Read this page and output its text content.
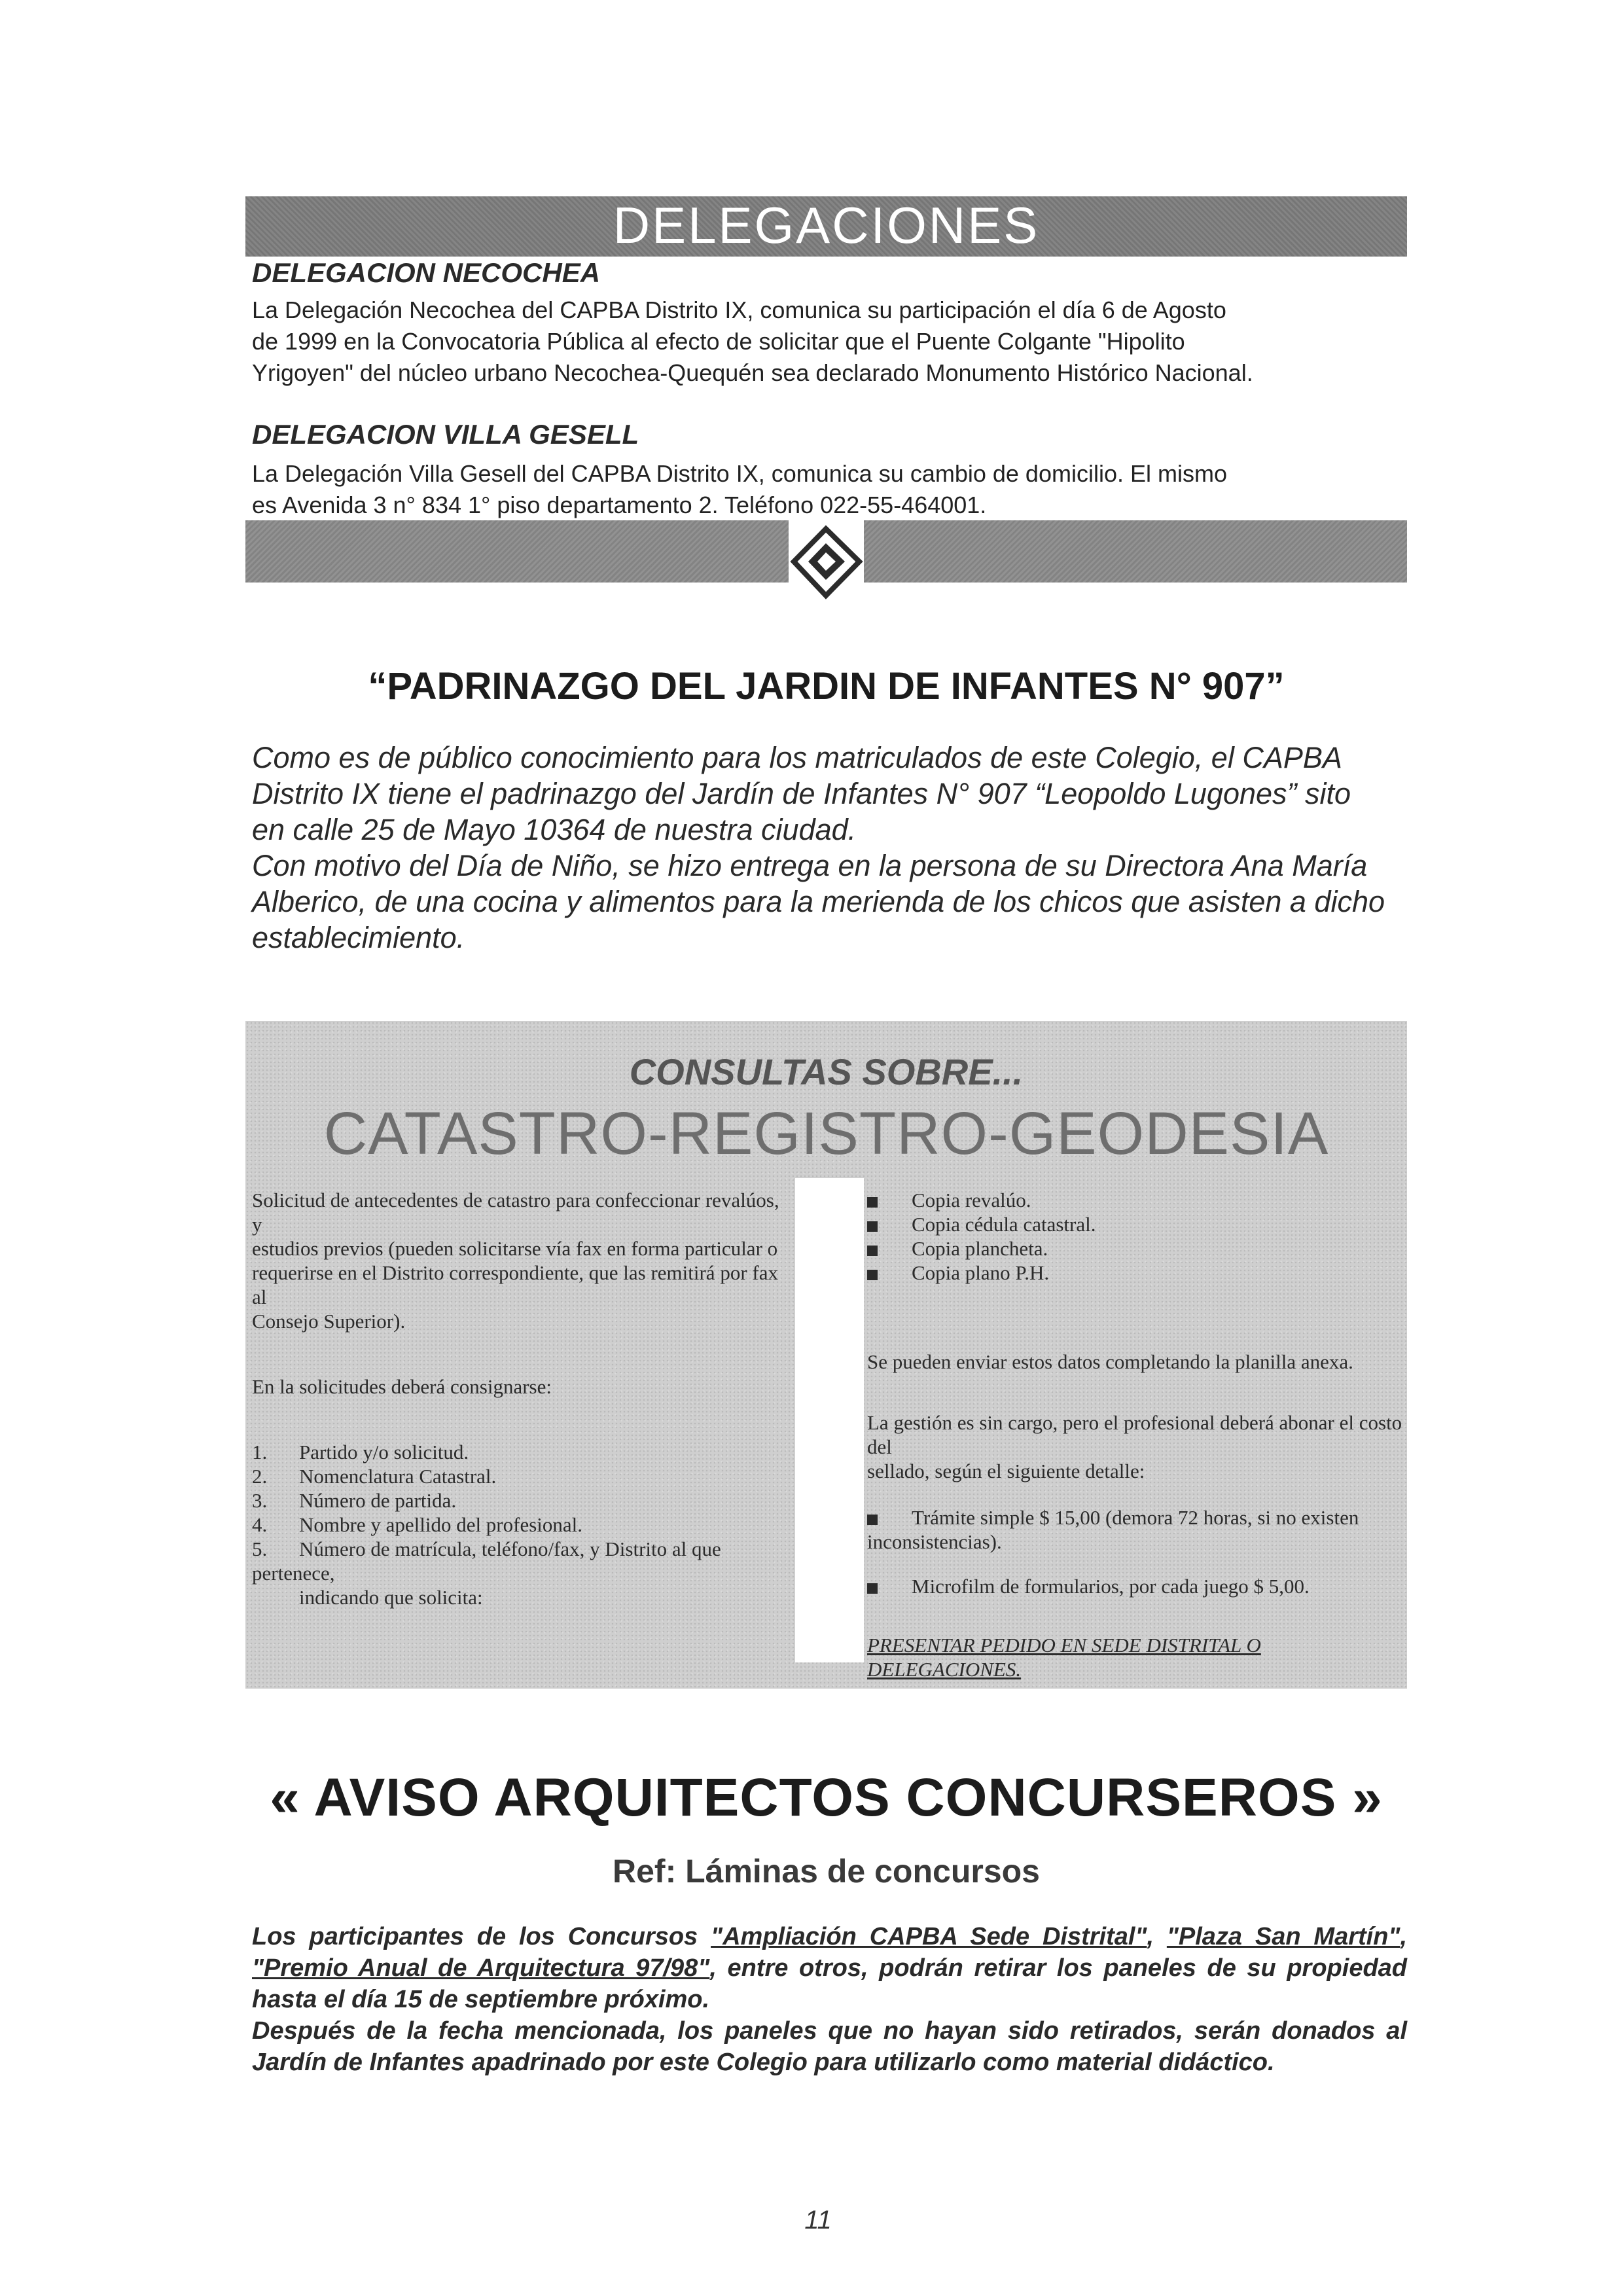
DELEGACIONES
DELEGACION NECOCHEA
La Delegación Necochea del CAPBA Distrito IX, comunica su participación el día 6 de Agosto
de 1999 en la Convocatoria Pública al efecto de solicitar que el Puente Colgante "Hipolito
Yrigoyen" del núcleo urbano Necochea-Quequén sea declarado Monumento Histórico Nacional.
DELEGACION VILLA GESELL
La Delegación Villa Gesell del CAPBA Distrito IX, comunica su cambio de domicilio. El mismo
es Avenida 3 n° 834 1° piso departamento 2. Teléfono 022-55-464001.
“PADRINAZGO DEL JARDIN DE INFANTES N° 907”
Como es de público conocimiento para los matriculados de este Colegio, el CAPBA
Distrito IX tiene el padrinazgo del Jardín de Infantes N° 907 “Leopoldo Lugones” sito
en calle 25 de Mayo 10364 de nuestra ciudad.
Con motivo del Día de Niño, se hizo entrega en la persona de su Directora Ana María
Alberico, de una cocina y alimentos para la merienda de los chicos que asisten a dicho
establecimiento.
CONSULTAS SOBRE...
CATASTRO-REGISTRO-GEODESIA
Solicitud de antecedentes de catastro para confeccionar revalúos, y
estudios previos (pueden solicitarse vía fax en forma particular o
requerirse en el Distrito correspondiente, que las remitirá por fax al
Consejo Superior).
En la solicitudes deberá consignarse:
1. Partido y/o solicitud.
2. Nomenclatura Catastral.
3. Número de partida.
4. Nombre y apellido del profesional.
5. Número de matrícula, teléfono/fax, y Distrito al que pertenece,
indicando que solicita:
Copia revalúo.
Copia cédula catastral.
Copia plancheta.
Copia plano P.H.
Se pueden enviar estos datos completando la planilla anexa.
La gestión es sin cargo, pero el profesional deberá abonar el costo del
sellado, según el siguiente detalle:
Trámite simple $ 15,00 (demora 72 horas, si no existen
inconsistencias).
Microfilm de formularios, por cada juego $ 5,00.
PRESENTAR PEDIDO EN SEDE DISTRITAL O DELEGACIONES.
« AVISO ARQUITECTOS CONCURSEROS »
Ref: Láminas de concursos
Los participantes de los Concursos "Ampliación CAPBA Sede Distrital", "Plaza San Martín", "Premio Anual de Arquitectura 97/98", entre otros, podrán retirar los paneles de su propiedad hasta el día 15 de septiembre próximo.
Después de la fecha mencionada, los paneles que no hayan sido retirados, serán donados al Jardín de Infantes apadrinado por este Colegio para utilizarlo como material didáctico.
11
